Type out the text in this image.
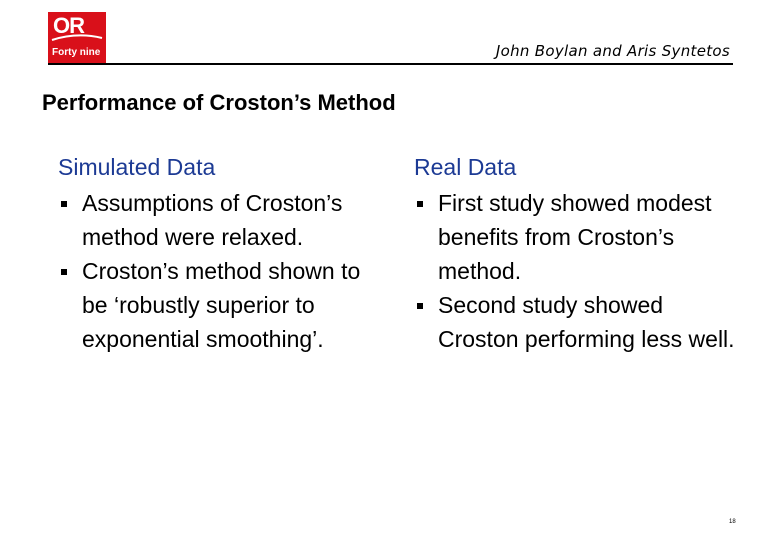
OR
Forty nine	John Boylan and Aris Syntetos
Performance of Croston’s Method
Simulated Data
Assumptions of Croston’s method were relaxed.
Croston’s method shown to be ‘robustly superior to exponential smoothing’.
Real Data
First study showed modest benefits from Croston’s method.
Second study showed Croston performing less well.
18
